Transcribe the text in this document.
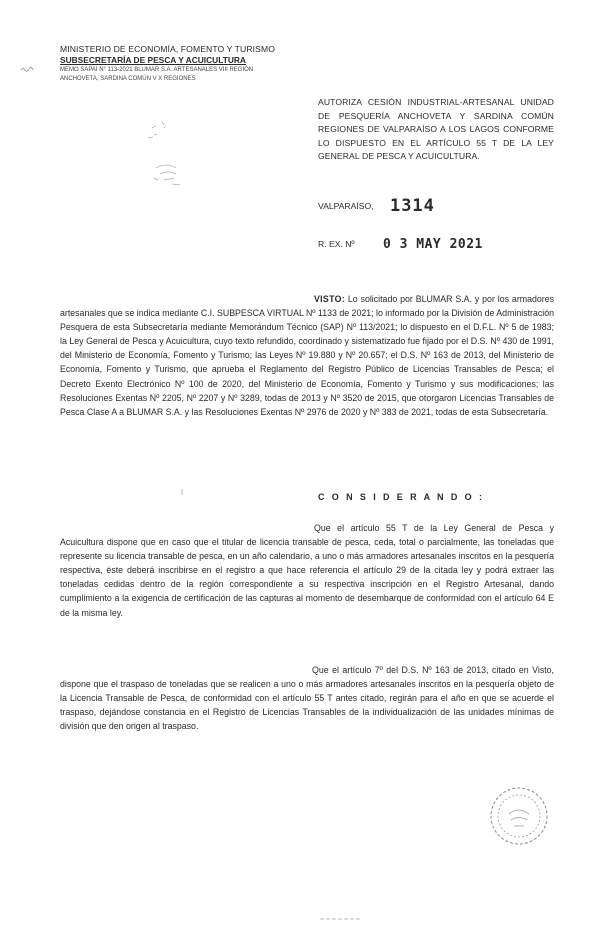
MINISTERIO DE ECONOMÍA, FOMENTO Y TURISMO
SUBSECRETARÍA DE PESCA Y ACUICULTURA
MEMO SAPAI N° 113-2021 BLUMAR S.A. ARTESANALES VIII REGIÓN
ANCHOVETA, SARDINA COMÚN V X REGIONES
AUTORIZA CESIÓN INDUSTRIAL-ARTESANAL UNIDAD DE PESQUERÍA ANCHOVETA Y SARDINA COMÚN REGIONES DE VALPARAÍSO A LOS LAGOS CONFORME LO DISPUESTO EN EL ARTÍCULO 55 T DE LA LEY GENERAL DE PESCA Y ACUICULTURA.
VALPARAÍSO, 1314
R. EX. Nº 0 3 MAY 2021
VISTO: Lo solicitado por BLUMAR S.A. y por los armadores artesanales que se indica mediante C.I. SUBPESCA VIRTUAL Nº 1133 de 2021; lo informado por la División de Administración Pesquera de esta Subsecretaría mediante Memorándum Técnico (SAP) Nº 113/2021; lo dispuesto en el D.F.L. Nº 5 de 1983; la Ley General de Pesca y Acuicultura, cuyo texto refundido, coordinado y sistematizado fue fijado por el D.S. Nº 430 de 1991, del Ministerio de Economía, Fomento y Turismo; las Leyes Nº 19.880 y Nº 20.657; el D.S. Nº 163 de 2013, del Ministerio de Economía, Fomento y Turismo, que aprueba el Reglamento del Registro Público de Licencias Transables de Pesca; el Decreto Exento Electrónico Nº 100 de 2020, del Ministerio de Economía, Fomento y Turismo y sus modificaciones; las Resoluciones Exentas Nº 2205, Nº 2207 y Nº 3289, todas de 2013 y Nº 3520 de 2015, que otorgaron Licencias Transables de Pesca Clase A a BLUMAR S.A. y las Resoluciones Exentas Nº 2976 de 2020 y Nº 383 de 2021, todas de esta Subsecretaría.
C O N S I D E R A N D O :
Que el artículo 55 T de la Ley General de Pesca y Acuicultura dispone que en caso que el titular de licencia transable de pesca, ceda, total o parcialmente, las toneladas que represente su licencia transable de pesca, en un año calendario, a uno o más armadores artesanales inscritos en la pesquería respectiva, éste deberá inscribirse en el registro a que hace referencia el artículo 29 de la citada ley y podrá extraer las toneladas cedidas dentro de la región correspondiente a su respectiva inscripción en el Registro Artesanal, dando cumplimiento a la exigencia de certificación de las capturas al momento de desembarque de conformidad con el artículo 64 E de la misma ley.
Que el artículo 7º del D.S. Nº 163 de 2013, citado en Visto, dispone que el traspaso de toneladas que se realicen a uno o más armadores artesanales inscritos en la pesquería objeto de la Licencia Transable de Pesca, de conformidad con el artículo 55 T antes citado, regirán para el año en que se acuerde el traspaso, dejándose constancia en el Registro de Licencias Transables de la individualización de las unidades mínimas de división que den origen al traspaso.
